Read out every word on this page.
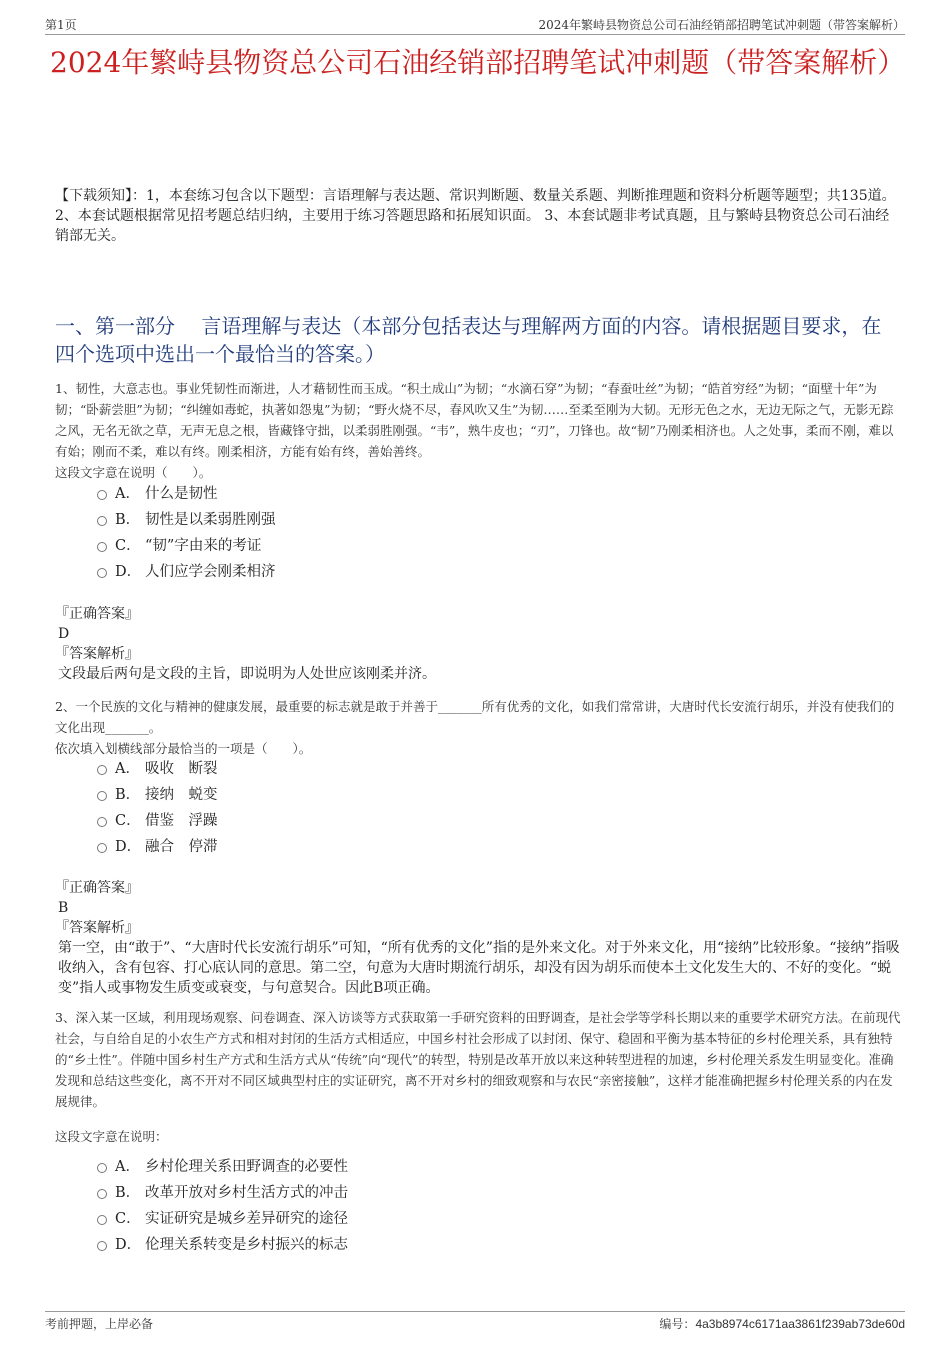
第1页	2024年繁峙县物资总公司石油经销部招聘笔试冲刺题（带答案解析）
2024年繁峙县物资总公司石油经销部招聘笔试冲刺题（带答案解析）
【下载须知】：1，本套练习包含以下题型：言语理解与表达题、常识判断题、数量关系题、判断推理题和资料分析题等题型；共135道。 2、本套试题根据常见招考题总结归纳，主要用于练习答题思路和拓展知识面。 3、本套试题非考试真题，且与繁峙县物资总公司石油经销部无关。
一、第一部分　 言语理解与表达（本部分包括表达与理解两方面的内容。请根据题目要求，在四个选项中选出一个最恰当的答案。）

1、韧性，大意志也。事业凭韧性而渐进，人才藉韧性而玉成。“积土成山”为韧；“水滴石穿”为韧；“春蚕吐丝”为韧；“皓首穷经”为韧；“面壁十年”为韧；“卧薪尝胆”为韧；“纠缠如毒蛇，执著如怨鬼”为韧；“野火烧不尽，春风吹又生”为韧……至柔至刚为大韧。无形无色之水，无边无际之气，无影无踪之风，无名无欲之草，无声无息之根，皆藏锋守拙，以柔弱胜刚强。“韦”，熟牛皮也；“刃”，刀锋也。故“韧”乃刚柔相济也。人之处事，柔而不刚，难以有始；刚而不柔，难以有终。刚柔相济，方能有始有终，善始善终。

这段文字意在说明（　　）。

A． 什么是韧性
B． 韧性是以柔弱胜刚强
C． “韧”字由来的考证
D． 人们应学会刚柔相济

『正确答案』

D

『答案解析』

文段最后两句是文段的主旨，即说明为人处世应该刚柔并济。

2、一个民族的文化与精神的健康发展，最重要的标志就是敢于并善于_______所有优秀的文化，如我们常常讲，大唐时代长安流行胡乐，并没有使我们的文化出现_______。

依次填入划横线部分最恰当的一项是（　　）。

A． 吸收　断裂
B． 接纳　蜕变
C． 借鉴　浮躁
D． 融合　停滞

『正确答案』

B

『答案解析』

第一空，由“敢于”、“大唐时代长安流行胡乐”可知，“所有优秀的文化”指的是外来文化。对于外来文化，用“接纳”比较形象。“接纳”指吸收纳入，含有包容、打心底认同的意思。第二空，句意为大唐时期流行胡乐，却没有因为胡乐而使本土文化发生大的、不好的变化。“蜕变”指人或事物发生质变或衰变，与句意契合。因此B项正确。

3、深入某一区域，利用现场观察、问卷调查、深入访谈等方式获取第一手研究资料的田野调查，是社会学等学科长期以来的重要学术研究方法。在前现代社会，与自给自足的小农生产方式和相对封闭的生活方式相适应，中国乡村社会形成了以封闭、保守、稳固和平衡为基本特征的乡村伦理关系，具有独特的“乡土性”。伴随中国乡村生产方式和生活方式从“传统”向“现代”的转型，特别是改革开放以来这种转型进程的加速，乡村伦理关系发生明显变化。准确发现和总结这些变化，离不开对不同区域典型村庄的实证研究，离不开对乡村的细致观察和与农民“亲密接触”，这样才能准确把握乡村伦理关系的内在发展规律。

这段文字意在说明：

A． 乡村伦理关系田野调查的必要性
B． 改革开放对乡村生活方式的冲击
C． 实证研究是城乡差异研究的途径
D． 伦理关系转变是乡村振兴的标志
考前押题，上岸必备	编号：4a3b8974c6171aa3861f239ab73de60d
